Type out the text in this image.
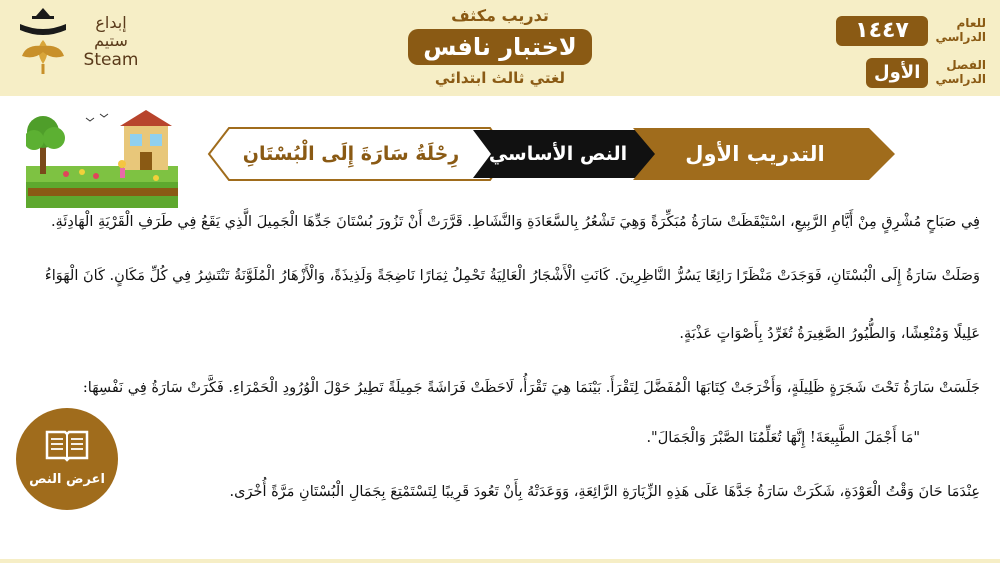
إبداع
ستيم
Steam
تدريب مكثف
لاختبار نافس
لغتي ثالث ابتدائي
للعام الدراسي
١٤٤٧
الفصل الدراسي
الأول
رِحْلَةُ سَارَةَ إِلَى الْبُسْتَانِ	النص الأساسي	التدريب الأول
فِي صَبَاحٍ مُشْرِقٍ مِنْ أَيَّامِ الرَّبِيعِ، اسْتَيْقَظَتْ سَارَةُ مُبَكِّرَةً وَهِيَ تَشْعُرُ بِالسَّعَادَةِ وَالنَّشَاطِ. قَرَّرَتْ أَنْ تَزُورَ بُسْتَانَ جَدِّهَا الْجَمِيلَ الَّذِي يَقَعُ فِي طَرَفِ الْقَرْيَةِ الْهَادِئَةِ.
وَصَلَتْ سَارَةُ إِلَى الْبُسْتَانِ، فَوَجَدَتْ مَنْظَرًا رَائِعًا يَسُرُّ النَّاظِرِينَ. كَانَتِ الْأَشْجَارُ الْعَالِيَةُ تَحْمِلُ ثِمَارًا نَاضِجَةً وَلَذِيذَةً، وَالْأَزْهَارُ الْمُلَوَّنَةُ تَنْتَشِرُ فِي كُلِّ مَكَانٍ. كَانَ الْهَوَاءُ
عَلِيلًا وَمُنْعِشًا، وَالطُّيُورُ الصَّغِيرَةُ تُغَرِّدُ بِأَصْوَاتٍ عَذْبَةٍ.
جَلَسَتْ سَارَةُ تَحْتَ شَجَرَةٍ ظَلِيلَةٍ، وَأَخْرَجَتْ كِتَابَهَا الْمُفَضَّلَ لِتَقْرَأَ. بَيْنَمَا هِيَ تَقْرَأُ، لَاحَظَتْ فَرَاشَةً جَمِيلَةً تَطِيرُ حَوْلَ الْوُرُودِ الْحَمْرَاءِ. فَكَّرَتْ سَارَةُ فِي نَفْسِهَا:
"مَا أَجْمَلَ الطَّبِيعَةَ! إِنَّهَا تُعَلِّمُنَا الصَّبْرَ وَالْجَمَالَ".
عِنْدَمَا حَانَ وَقْتُ الْعَوْدَةِ، شَكَرَتْ سَارَةُ جَدَّهَا عَلَى هَذِهِ الزِّيَارَةِ الرَّائِعَةِ، وَوَعَدَتْهُ بِأَنْ تَعُودَ قَرِيبًا لِتَسْتَمْتِعَ بِجَمَالِ الْبُسْتَانِ مَرَّةً أُخْرَى.
اعرض النص
